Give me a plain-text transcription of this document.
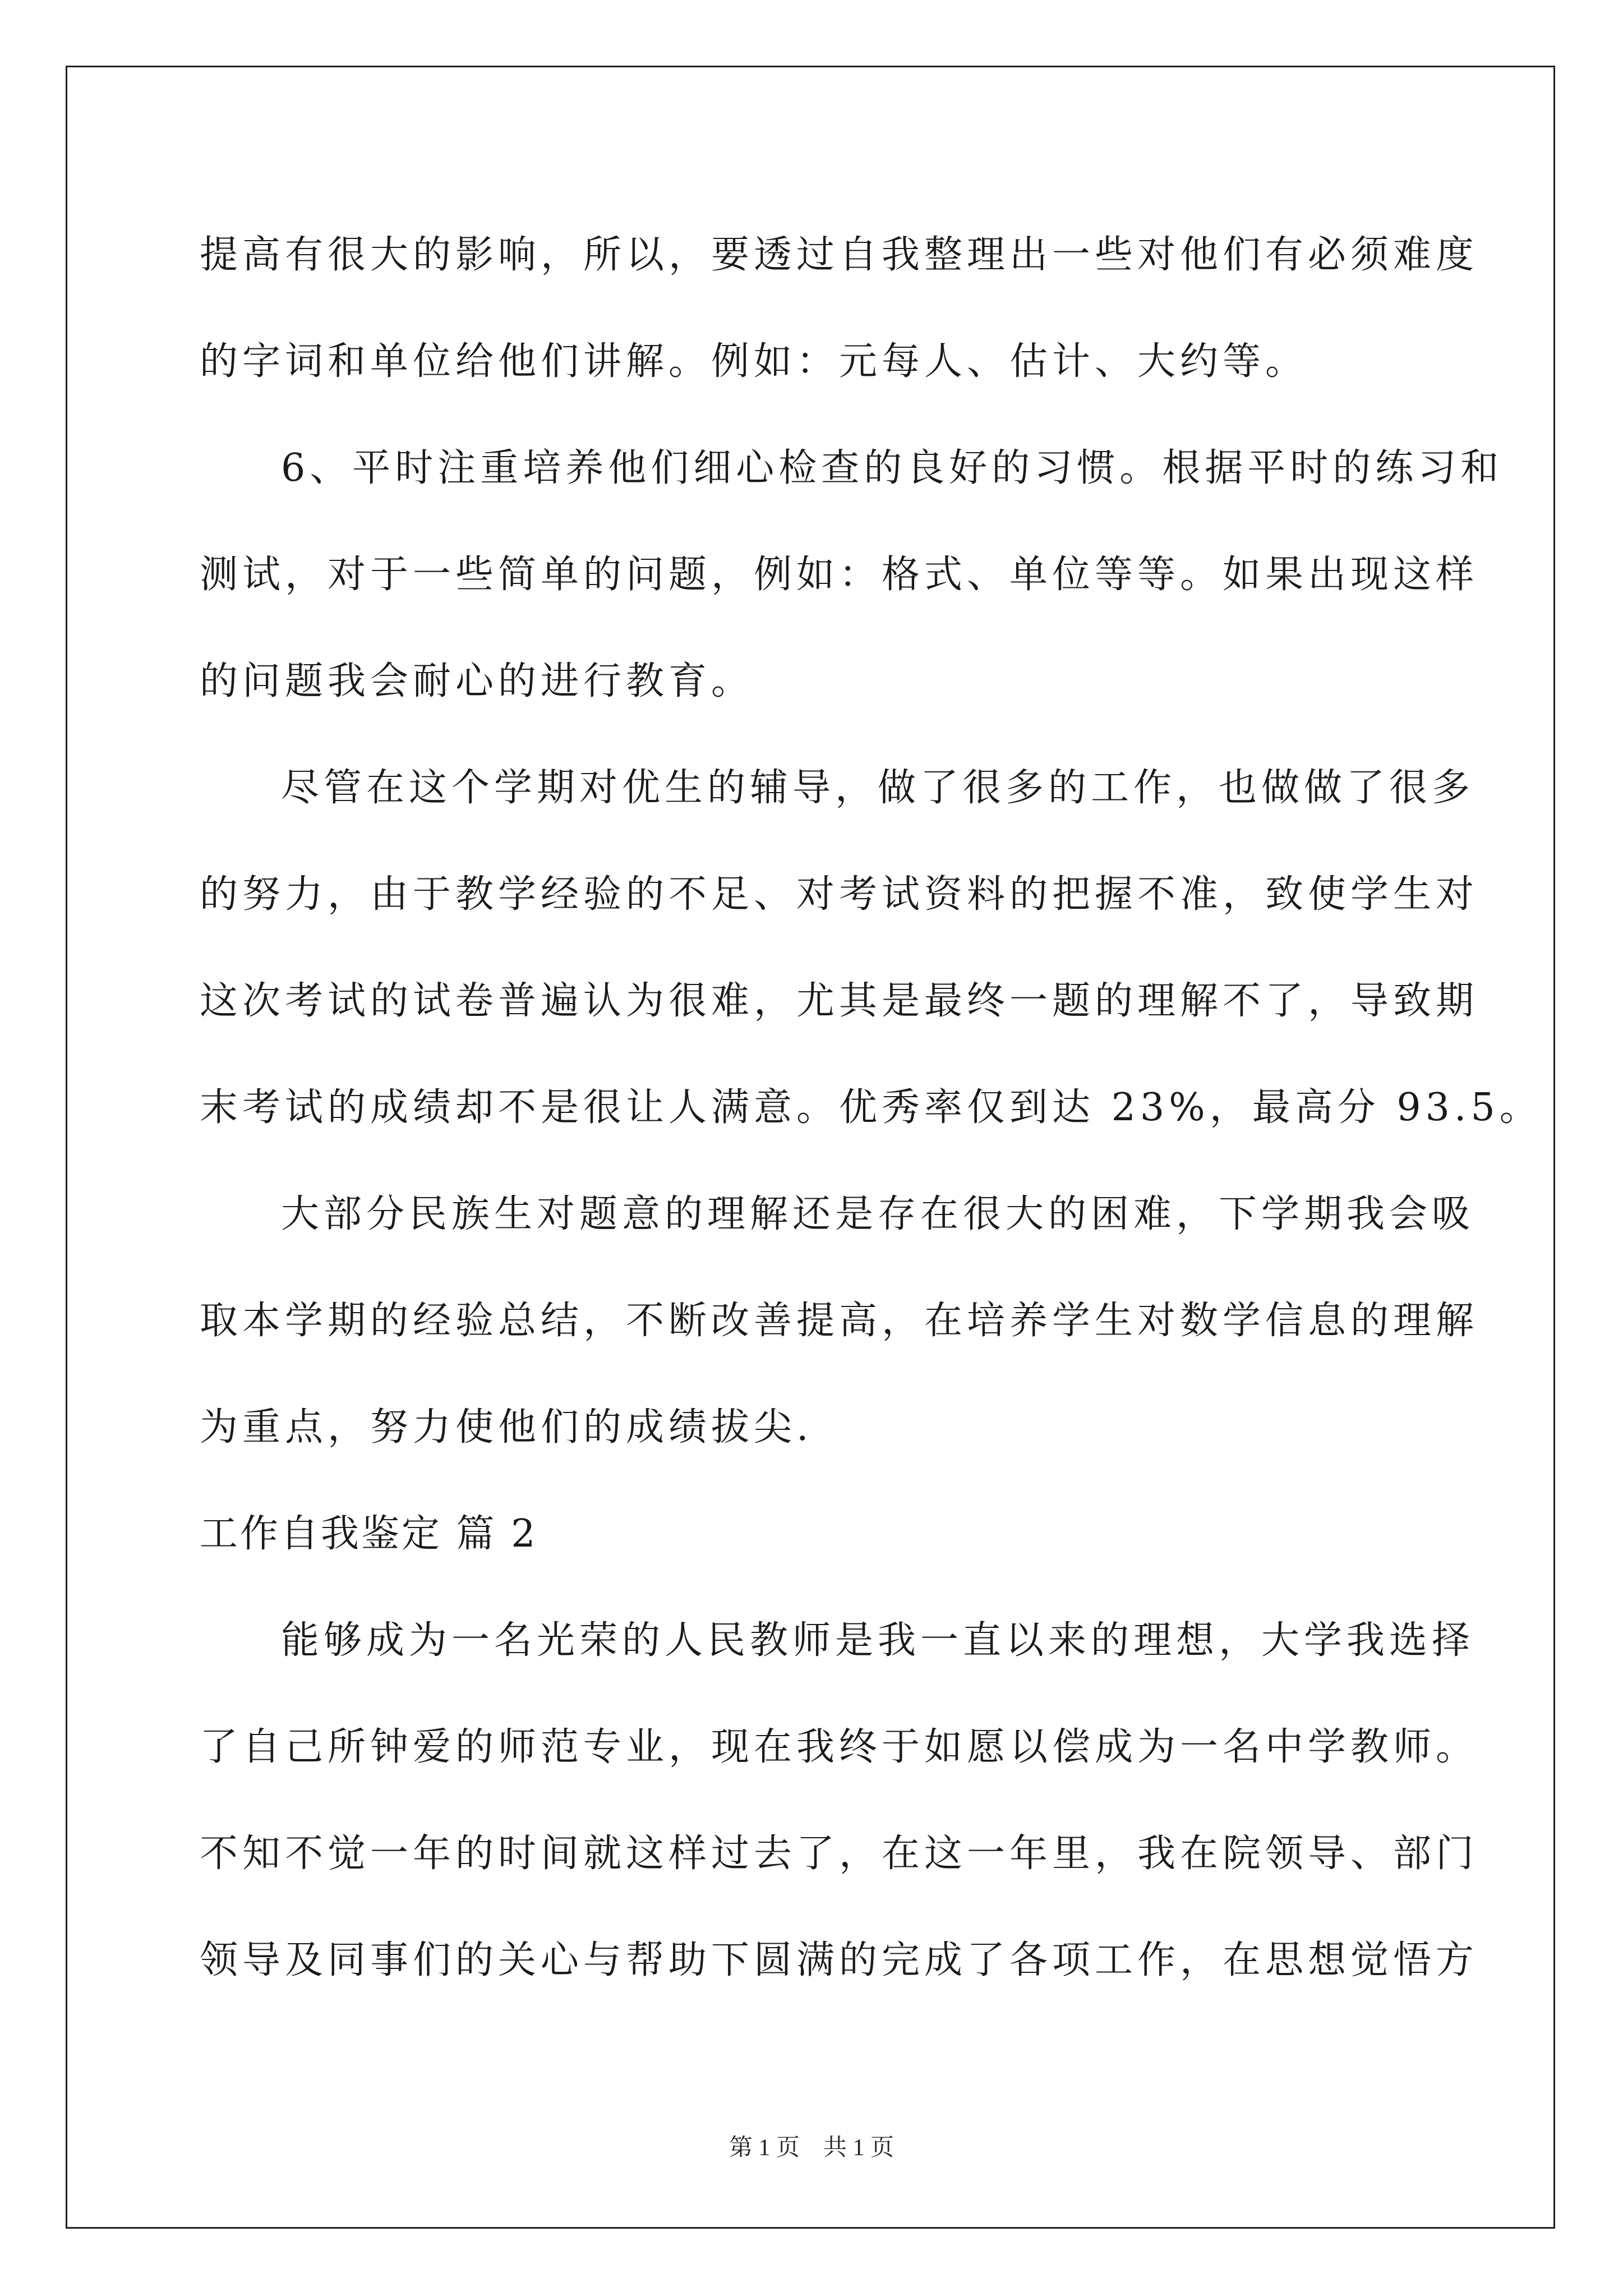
提高有很大的影响，所以，要透过自我整理出一些对他们有必须难度
的字词和单位给他们讲解。例如：元每人、估计、大约等。
6、平时注重培养他们细心检查的良好的习惯。根据平时的练习和
测试，对于一些简单的问题，例如：格式、单位等等。如果出现这样
的问题我会耐心的进行教育。
尽管在这个学期对优生的辅导，做了很多的工作，也做做了很多
的努力，由于教学经验的不足、对考试资料的把握不准，致使学生对
这次考试的试卷普遍认为很难，尤其是最终一题的理解不了，导致期
末考试的成绩却不是很让人满意。优秀率仅到达 23%，最高分 93.5。
大部分民族生对题意的理解还是存在很大的困难，下学期我会吸
取本学期的经验总结，不断改善提高，在培养学生对数学信息的理解
为重点，努力使他们的成绩拔尖.
工作自我鉴定 篇 2
能够成为一名光荣的人民教师是我一直以来的理想，大学我选择
了自己所钟爱的师范专业，现在我终于如愿以偿成为一名中学教师。
不知不觉一年的时间就这样过去了，在这一年里，我在院领导、部门
领导及同事们的关心与帮助下圆满的完成了各项工作，在思想觉悟方
第 1 页　共 1 页
